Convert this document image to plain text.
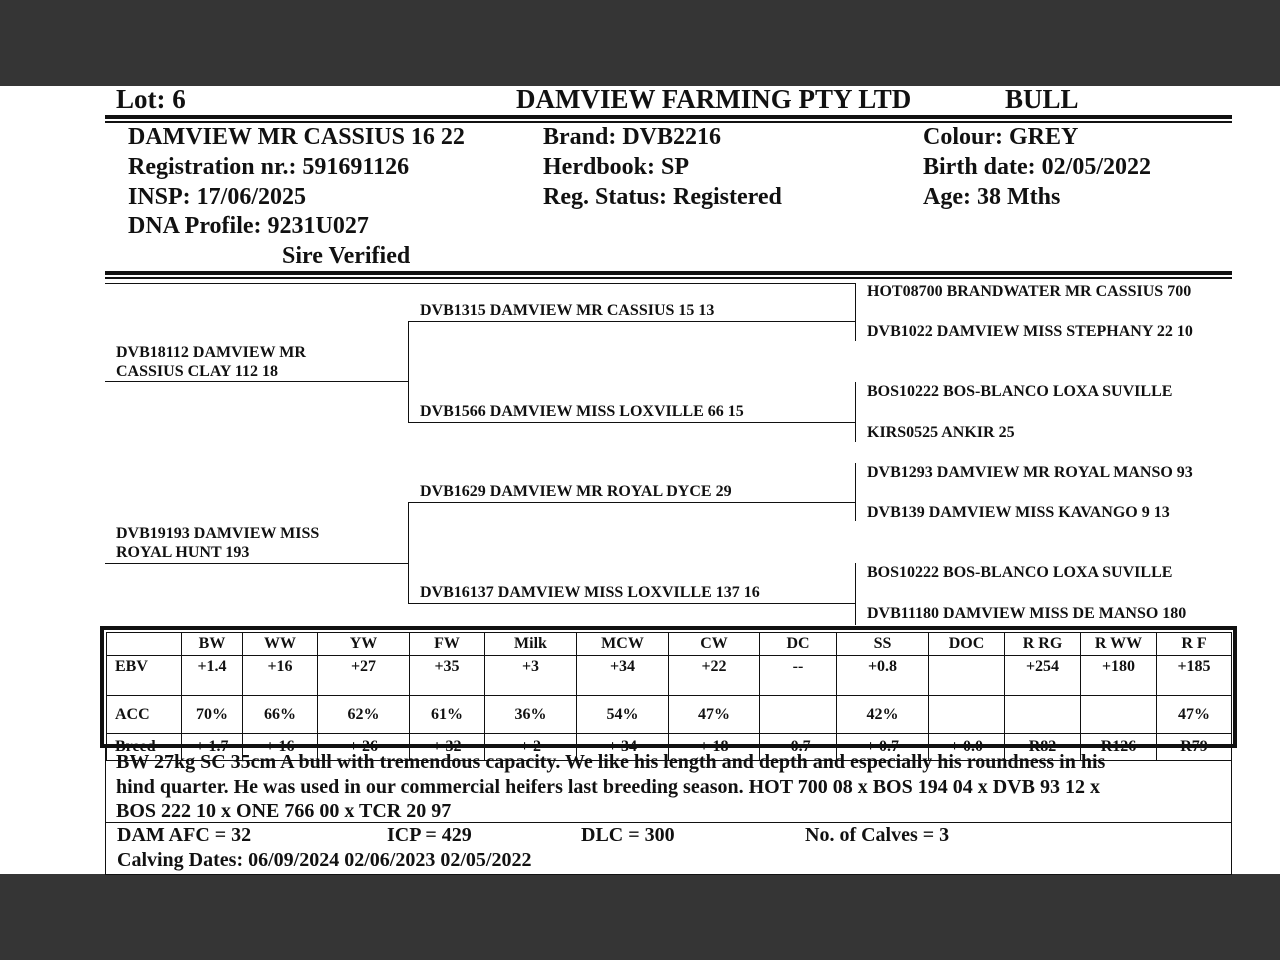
Lot: 6	DAMVIEW FARMING PTY LTD	BULL
DAMVIEW MR CASSIUS 16 22
Registration nr.: 591691126
INSP: 17/06/2025
DNA Profile: 9231U027
Sire Verified
Brand: DVB2216
Herdbook: SP
Reg. Status: Registered
Colour: GREY
Birth date: 02/05/2022
Age: 38 Mths
DVB18112 DAMVIEW MR
CASSIUS CLAY 112 18
DVB19193 DAMVIEW MISS
ROYAL HUNT 193
DVB1315 DAMVIEW MR CASSIUS 15 13
DVB1566 DAMVIEW MISS LOXVILLE 66 15
DVB1629 DAMVIEW MR ROYAL DYCE 29
DVB16137 DAMVIEW MISS LOXVILLE 137 16
HOT08700 BRANDWATER MR CASSIUS 700
DVB1022 DAMVIEW MISS STEPHANY 22 10
BOS10222 BOS-BLANCO LOXA SUVILLE
KIRS0525 ANKIR 25
DVB1293 DAMVIEW MR ROYAL MANSO 93
DVB139 DAMVIEW MISS KAVANGO 9 13
BOS10222 BOS-BLANCO LOXA SUVILLE
DVB11180 DAMVIEW MISS DE MANSO 180
	BW	WW	YW	FW	Milk	MCW	CW	DC	SS	DOC	R RG	R WW	R F
EBV	+1.4	+16	+27	+35	+3	+34	+22	--	+0.8		+254	+180	+185
ACC	70%	66%	62%	61%	36%	54%	47%		42%				47%
Breed	+ 1.7	+ 16	+ 26	+ 32	+ 2	+ 34	+ 18	-0.7	+ 0.7	+ 0.0	R82	R126	R79
BW 27kg SC 35cm A bull with tremendous capacity. We like his length and depth and especially his roundness in his
hind quarter. He was used in our commercial heifers last breeding season. HOT 700 08 x BOS 194 04 x DVB 93 12 x
BOS 222 10 x ONE 766 00 x TCR 20 97
DAM AFC = 32	ICP = 429	DLC = 300	No. of Calves = 3
Calving Dates: 06/09/2024 02/06/2023 02/05/2022
